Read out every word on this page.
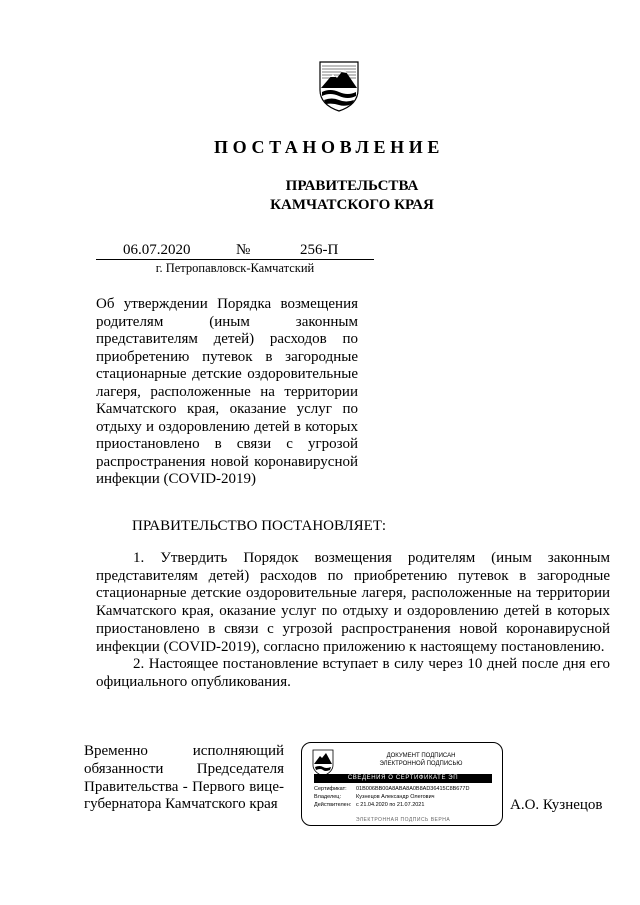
ПОСТАНОВЛЕНИЕ
ПРАВИТЕЛЬСТВА
КАМЧАТСКОГО КРАЯ
06.07.2020	№	256-П
г. Петропавловск-Камчатский
Об утверждении Порядка возмещения родителям (иным законным представителям детей) расходов по приобретению путевок в загородные стационарные детские оздоровительные лагеря, расположенные на территории Камчатского края, оказание услуг по отдыху и оздоровлению детей в которых приостановлено в связи с угрозой распространения новой коронавирусной инфекции (COVID-2019)
ПРАВИТЕЛЬСТВО ПОСТАНОВЛЯЕТ:

1. Утвердить Порядок возмещения родителям (иным законным представителям детей) расходов по приобретению путевок в загородные стационарные детские оздоровительные лагеря, расположенные на территории Камчатского края, оказание услуг по отдыху и оздоровлению детей в которых приостановлено в связи с угрозой распространения новой коронавирусной инфекции (COVID-2019), согласно приложению к настоящему постановлению.

2. Настоящее постановление вступает в силу через 10 дней после дня его официального опубликования.

Временно исполняющий обязанности Председателя Правительства - Первого вице-губернатора Камчатского края
ДОКУМЕНТ ПОДПИСАН
ЭЛЕКТРОННОЙ ПОДПИСЬЮ
СВЕДЕНИЯ О СЕРТИФИКАТЕ ЭП
Сертификат: 01B006BB00A8ABA8A0B8AD36415C8B677D
Владелец:	Кузнецов Александр Олегович
Действителен: с 21.04.2020 по 21.07.2021
ЭЛЕКТРОННАЯ ПОДПИСЬ ВЕРНА
А.О. Кузнецов
